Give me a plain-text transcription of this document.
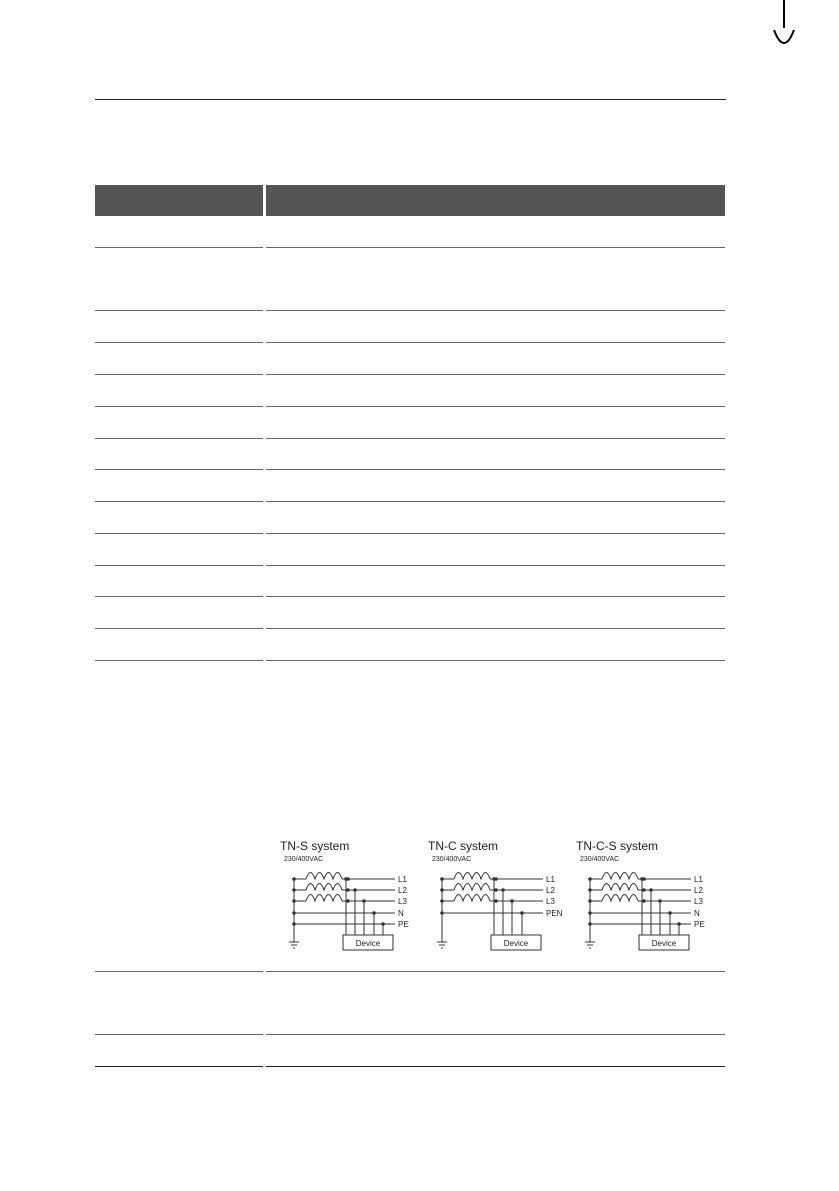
TN-S system
230/400VAC
Device
L1
L2
L3
N
PE
TN-C system
230/400VAC
Device
L1
L2
L3
PEN
TN-C-S system
230/400VAC
Device
L1
L2
L3
N
PE
